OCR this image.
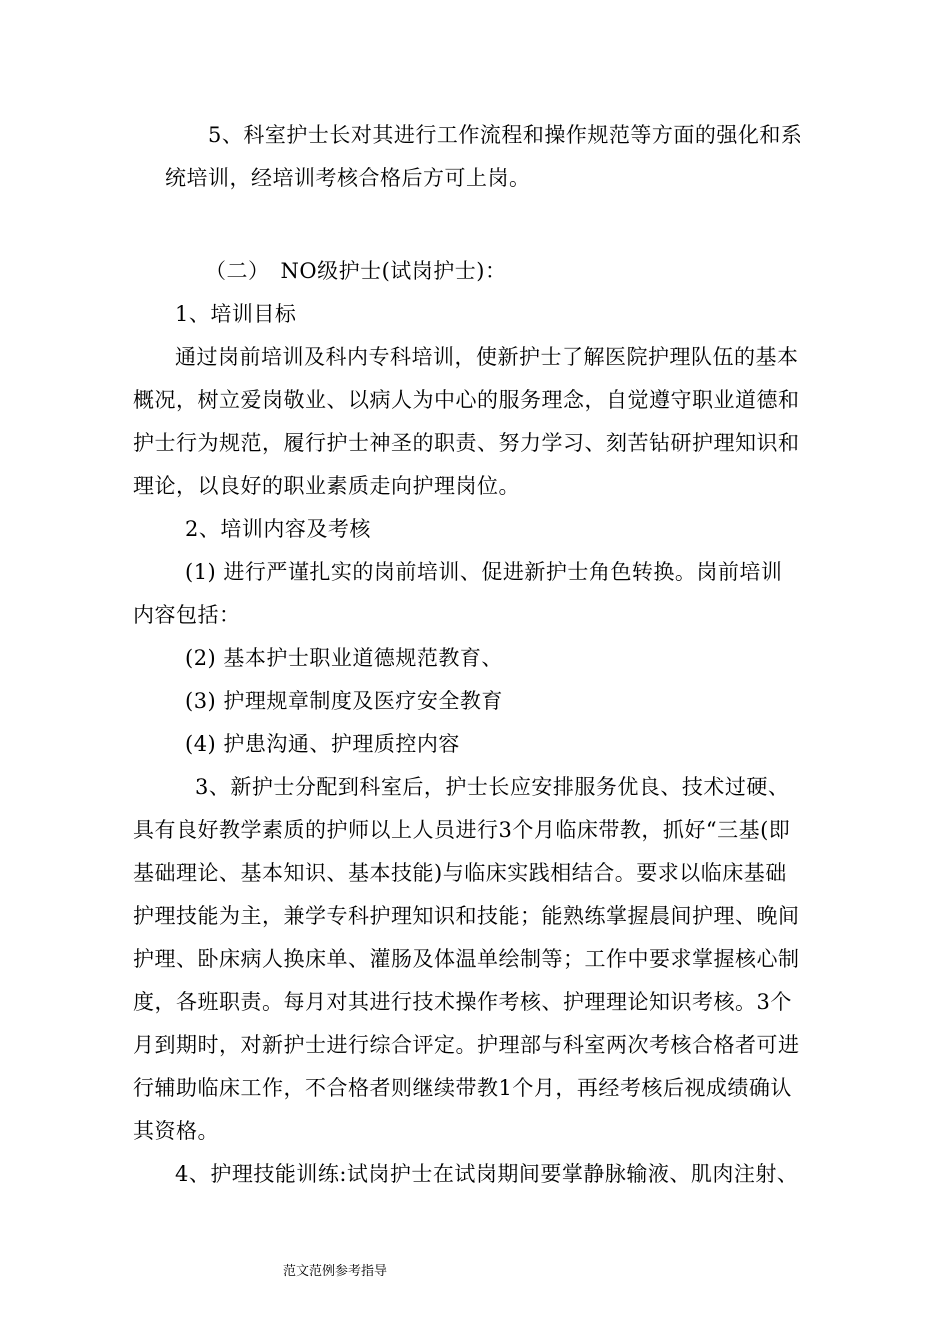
5、科室护士长对其进行工作流程和操作规范等方面的强化和系
统培训，经培训考核合格后方可上岗。
（二）　NO级护士(试岗护士)：
1、培训目标
通过岗前培训及科内专科培训，使新护士了解医院护理队伍的基本
概况，树立爱岗敬业、以病人为中心的服务理念，自觉遵守职业道德和
护士行为规范，履行护士神圣的职责、努力学习、刻苦钻研护理知识和
理论，以良好的职业素质走向护理岗位。
2、培训内容及考核
(1) 进行严谨扎实的岗前培训、促进新护士角色转换。岗前培训
内容包括：
(2) 基本护士职业道德规范教育、
(3) 护理规章制度及医疗安全教育
(4) 护患沟通、护理质控内容
3、新护士分配到科室后，护士长应安排服务优良、技术过硬、
具有良好教学素质的护师以上人员进行3个月临床带教，抓好“三基(即
基础理论、基本知识、基本技能)与临床实践相结合。要求以临床基础
护理技能为主，兼学专科护理知识和技能；能熟练掌握晨间护理、晚间
护理、卧床病人换床单、灌肠及体温单绘制等；工作中要求掌握核心制
度，各班职责。每月对其进行技术操作考核、护理理论知识考核。3个
月到期时，对新护士进行综合评定。护理部与科室两次考核合格者可进
行辅助临床工作，不合格者则继续带教1个月，再经考核后视成绩确认
其资格。
4、护理技能训练:试岗护士在试岗期间要掌静脉输液、肌肉注射、
范文范例参考指导
